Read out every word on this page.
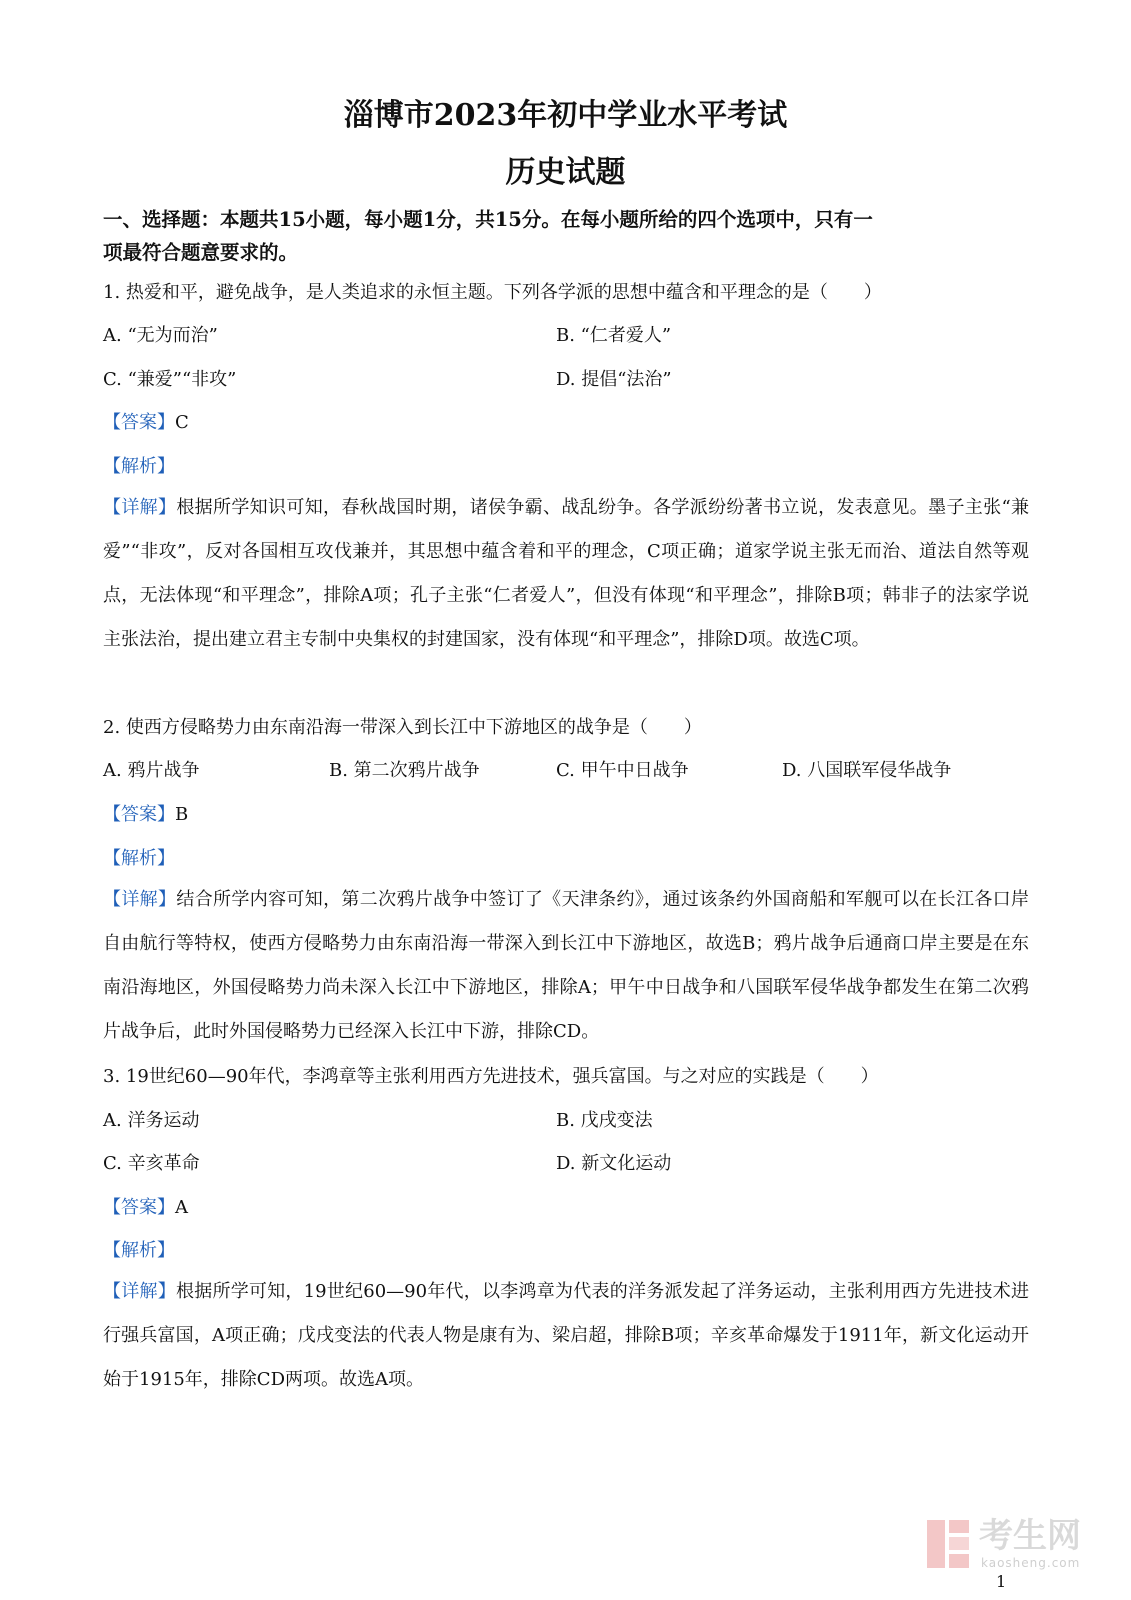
淄博市2023年初中学业水平考试
历史试题
一、选择题：本题共15小题，每小题1分，共15分。在每小题所给的四个选项中，只有一
项最符合题意要求的。
1. 热爱和平，避免战争，是人类追求的永恒主题。下列各学派的思想中蕴含和平理念的是（　　）
A. “无为而治”	B. “仁者爱人”
C. “兼爱”“非攻”	D. 提倡“法治”
【答案】C
【解析】

【详解】根据所学知识可知，春秋战国时期，诸侯争霸、战乱纷争。各学派纷纷著书立说，发表意见。墨子主张“兼爱”“非攻”，反对各国相互攻伐兼并，其思想中蕴含着和平的理念，C项正确；道家学说主张无而治、道法自然等观点，无法体现“和平理念”，排除A项；孔子主张“仁者爱人”，但没有体现“和平理念”，排除B项；韩非子的法家学说主张法治，提出建立君主专制中央集权的封建国家，没有体现“和平理念”，排除D项。故选C项。

2. 使西方侵略势力由东南沿海一带深入到长江中下游地区的战争是（　　）
A. 鸦片战争	B. 第二次鸦片战争	C. 甲午中日战争	D. 八国联军侵华战争
【答案】B
【解析】

【详解】结合所学内容可知，第二次鸦片战争中签订了《天津条约》，通过该条约外国商船和军舰可以在长江各口岸自由航行等特权，使西方侵略势力由东南沿海一带深入到长江中下游地区，故选B；鸦片战争后通商口岸主要是在东南沿海地区，外国侵略势力尚未深入长江中下游地区，排除A；甲午中日战争和八国联军侵华战争都发生在第二次鸦片战争后，此时外国侵略势力已经深入长江中下游，排除CD。

3. 19世纪60—90年代，李鸿章等主张利用西方先进技术，强兵富国。与之对应的实践是（　　）
A. 洋务运动	B. 戊戌变法
C. 辛亥革命	D. 新文化运动
【答案】A
【解析】

【详解】根据所学可知，19世纪60—90年代，以李鸿章为代表的洋务派发起了洋务运动，主张利用西方先进技术进行强兵富国，A项正确；戊戌变法的代表人物是康有为、梁启超，排除B项；辛亥革命爆发于1911年，新文化运动开始于1915年，排除CD两项。故选A项。

考生网
kaosheng.com
1
